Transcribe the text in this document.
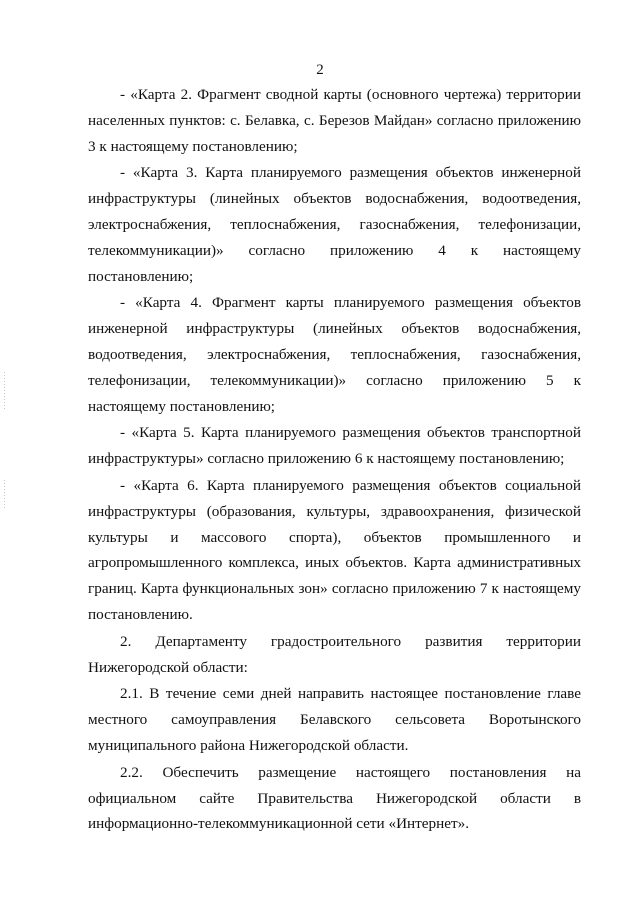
2

- «Карта 2. Фрагмент сводной карты (основного чертежа) территории населенных пунктов: с. Белавка, с. Березов Майдан» согласно приложению 3 к настоящему постановлению;

- «Карта 3. Карта планируемого размещения объектов инженерной инфраструктуры (линейных объектов водоснабжения, водоотведения, электроснабжения, теплоснабжения, газоснабжения, телефонизации, телекоммуникации)» согласно приложению 4 к настоящему постановлению;

- «Карта 4. Фрагмент карты планируемого размещения объектов инженерной инфраструктуры (линейных объектов водоснабжения, водоотведения, электроснабжения, теплоснабжения, газоснабжения, телефонизации, телекоммуникации)» согласно приложению 5 к настоящему постановлению;

- «Карта 5. Карта планируемого размещения объектов транспортной инфраструктуры» согласно приложению 6 к настоящему постановлению;

- «Карта 6. Карта планируемого размещения объектов социальной инфраструктуры (образования, культуры, здравоохранения, физической культуры и массового спорта), объектов промышленного и агропромышленного комплекса, иных объектов. Карта административных границ. Карта функциональных зон» согласно приложению 7 к настоящему постановлению.

2. Департаменту градостроительного развития территории Нижегородской области:

2.1. В течение семи дней направить настоящее постановление главе местного самоуправления Белавского сельсовета Воротынского муниципального района Нижегородской области.

2.2. Обеспечить размещение настоящего постановления на официальном сайте Правительства Нижегородской области в информационно-телекоммуникационной сети «Интернет».
